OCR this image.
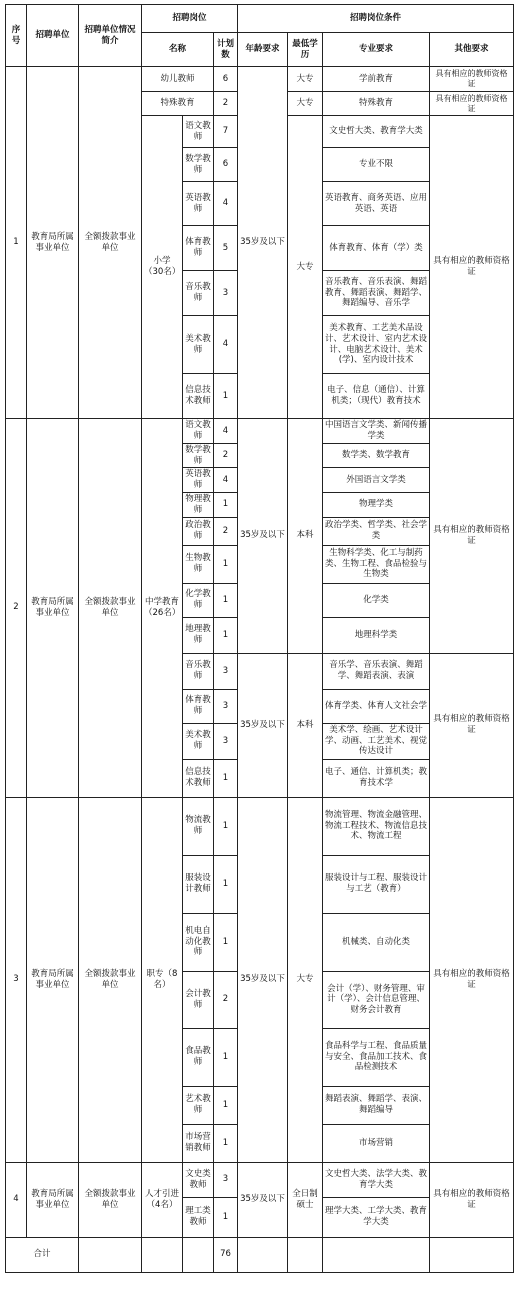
序号	招聘单位	招聘单位情况简介	招聘岗位			招聘岗位条件			
			名称		计划数	年龄要求	最低学历	专业要求	其他要求
1	教育局所属事业单位	全额拨款事业单位	幼儿教师		6	35岁及以下	大专	学前教育	具有相应的教师资格证
			特殊教育		2		大专	特殊教育	具有相应的教师资格证
			小学（30名）	语文教师	7		大专	文史哲大类、教育学大类	具有相应的教师资格证
				数学教师	6			专业不限	
				英语教师	4			英语教育、商务英语、应用英语、英语	
				体育教师	5			体育教育、体育（学）类	
				音乐教师	3			音乐教育、音乐表演、舞蹈教育、舞蹈表演、舞蹈学、舞蹈编导、音乐学	
				美术教师	4			美术教育、工艺美术品设计、艺术设计、室内艺术设计、电脑艺术设计、美术(学)、室内设计技术	
				信息技术教师	1			电子、信息（通信）、计算机类；（现代）教育技术	
2	教育局所属事业单位	全额拨款事业单位	中学教育（26名）	语文教师	4	35岁及以下	本科	中国语言文学类、新闻传播学类	具有相应的教师资格证
				数学教师	2			数学类、数学教育	
				英语教师	4			外国语言文学类	
				物理教师	1			物理学类	
				政治教师	2			政治学类、哲学类、社会学类	
				生物教师	1			生物科学类、化工与制药类、生物工程、食品检验与生物类	
				化学教师	1			化学类	
				地理教师	1			地理科学类	
				音乐教师	3	35岁及以下	本科	音乐学、音乐表演、舞蹈学、舞蹈表演、表演	具有相应的教师资格证
				体育教师	3			体育学类、体育人文社会学	
				美术教师	3			美术学、绘画、艺术设计学、动画、工艺美术、视觉传达设计	
				信息技术教师	1			电子、通信、计算机类；教育技术学	
3	教育局所属事业单位	全额拨款事业单位	职专（8名）	物流教师	1	35岁及以下	大专	物流管理、物流金融管理、物流工程技术、物流信息技术、物流工程	具有相应的教师资格证
				服装设计教师	1			服装设计与工程、服装设计与工艺（教育）	
				机电自动化教师	1			机械类、自动化类	
				会计教师	2			会计（学）、财务管理、审计（学）、会计信息管理、财务会计教育	
				食品教师	1			食品科学与工程、食品质量与安全、食品加工技术、食品检测技术	
				艺术教师	1			舞蹈表演、舞蹈学、表演、舞蹈编导	
				市场营销教师	1			市场营销	
4	教育局所属事业单位	全额拨款事业单位	人才引进（4名）	文史类教师	3	35岁及以下	全日制硕士	文史哲大类、法学大类、教育学大类	具有相应的教师资格证
				理工类教师	1			理学大类、工学大类、教育学大类	
合计					76				
